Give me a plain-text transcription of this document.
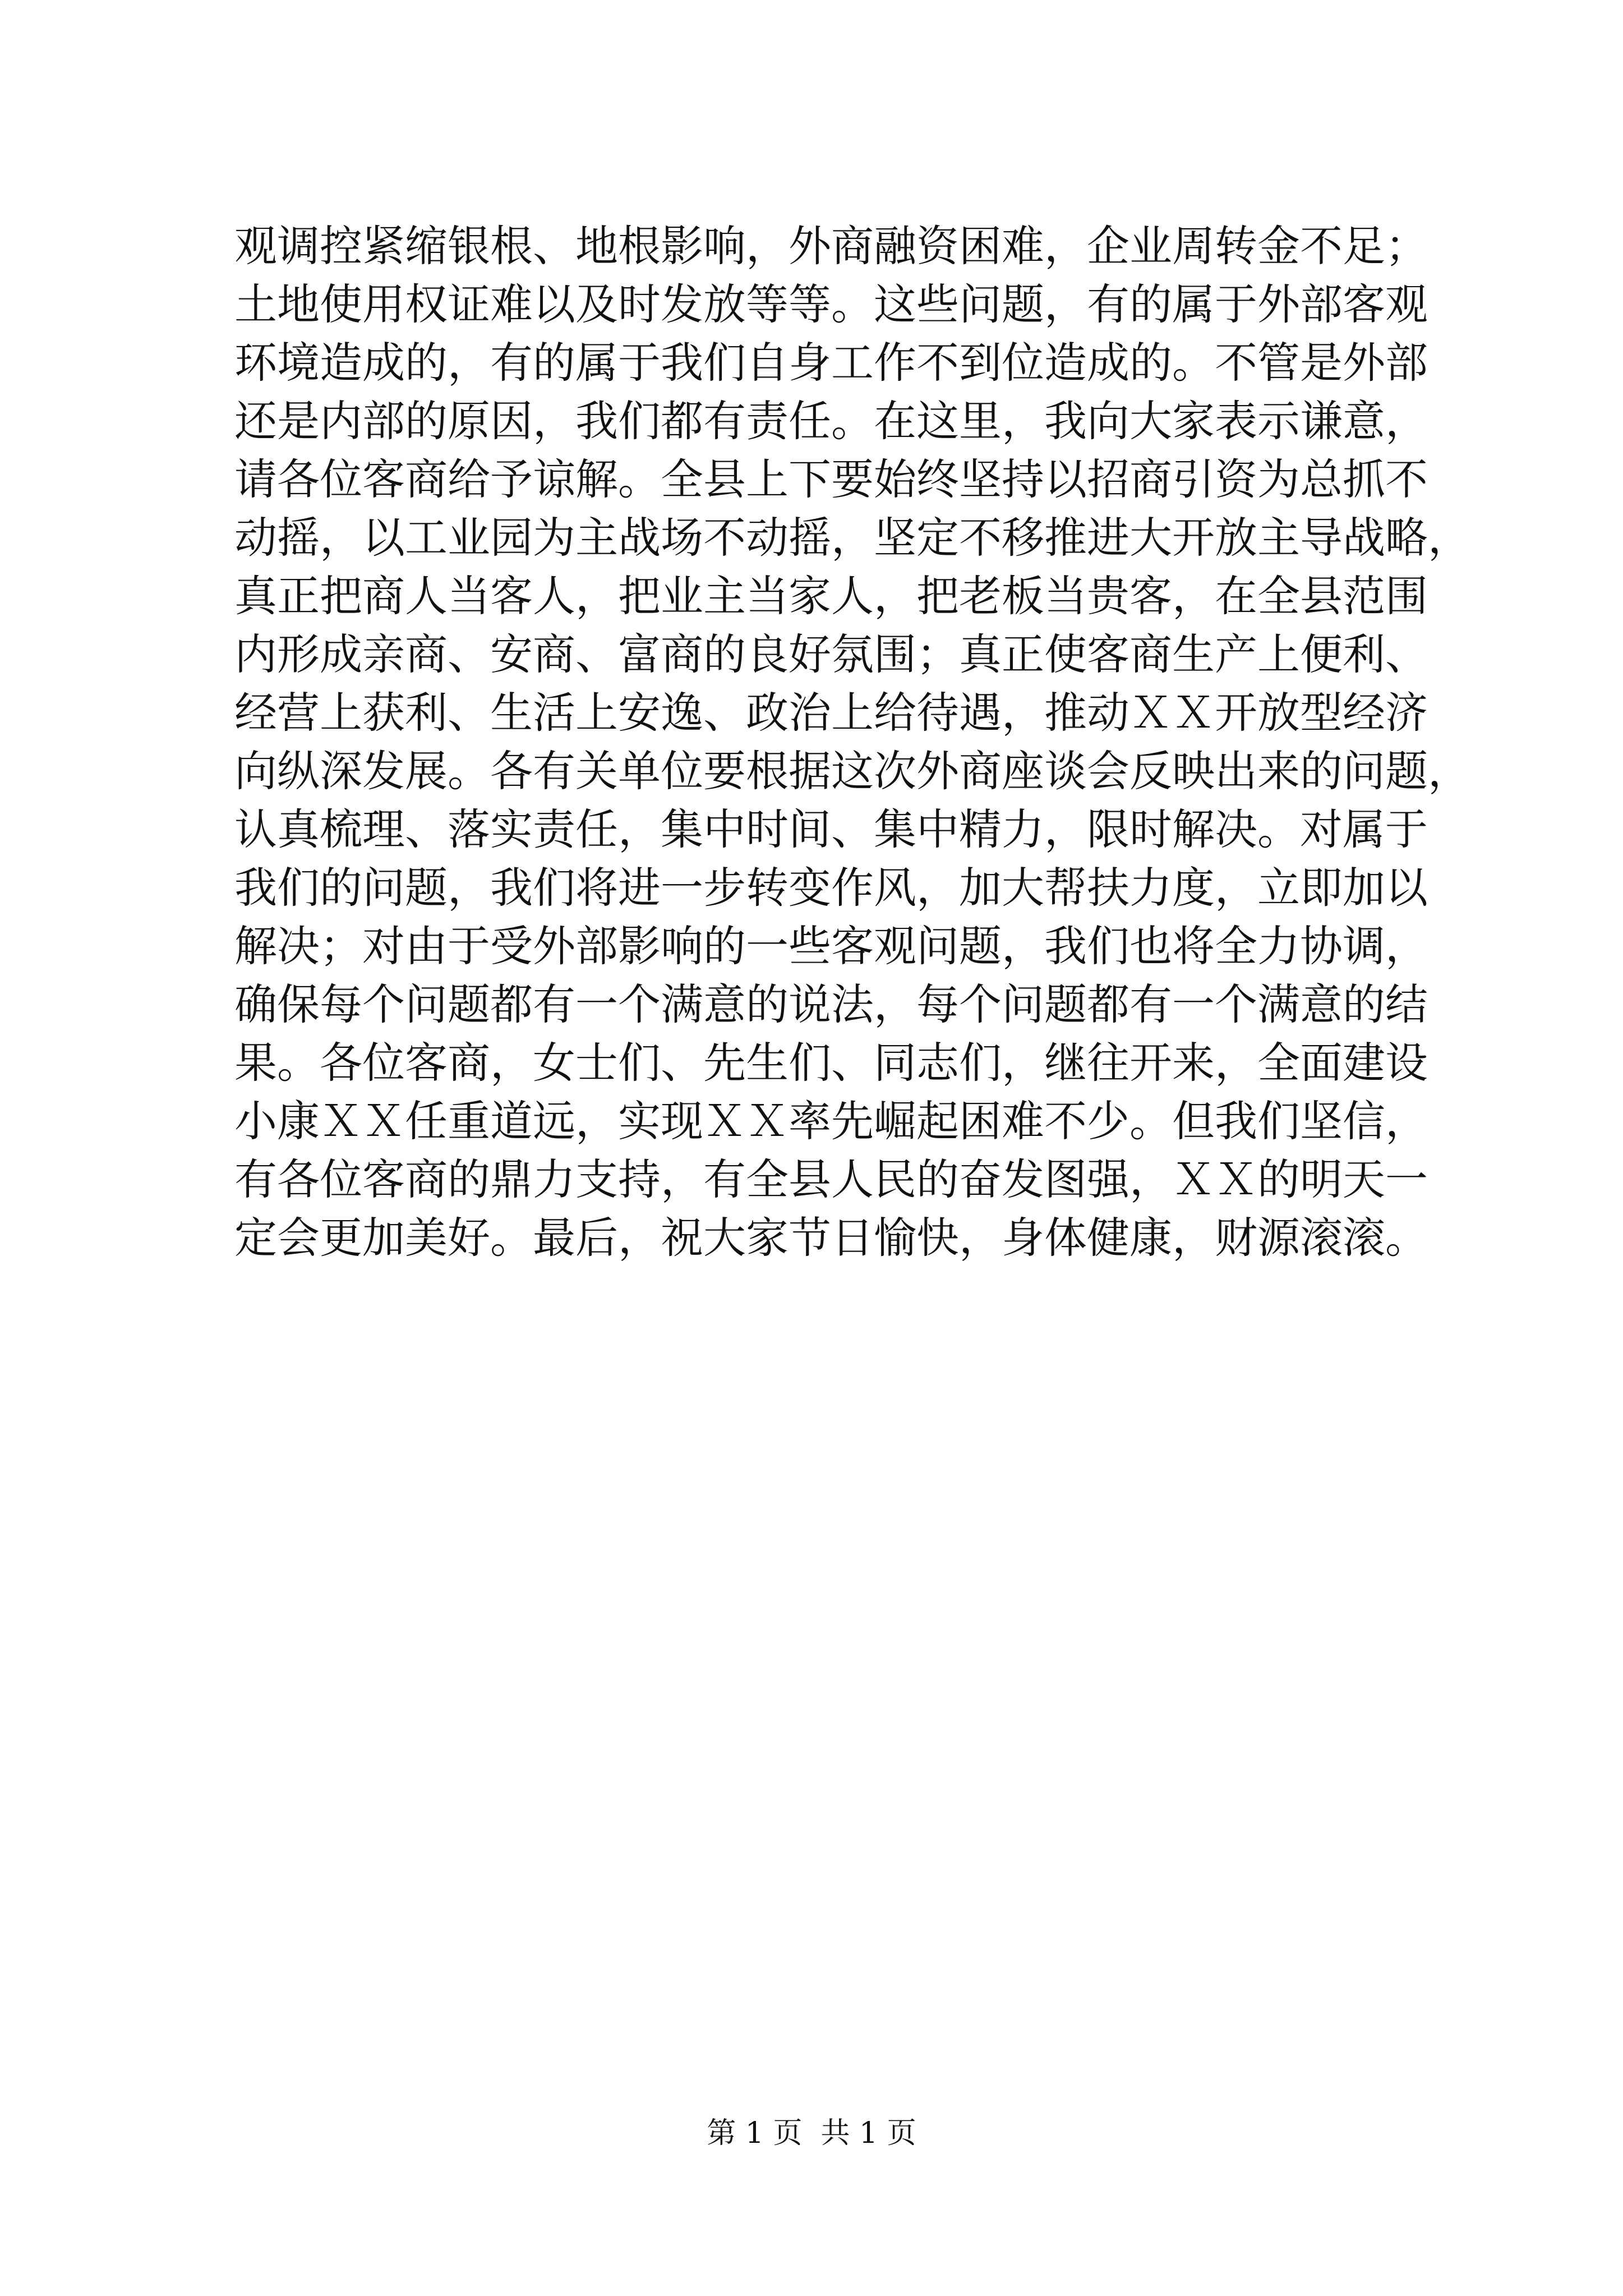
观调控紧缩银根、地根影响，外商融资困难，企业周转金不足；
土地使用权证难以及时发放等等。这些问题，有的属于外部客观
环境造成的，有的属于我们自身工作不到位造成的。不管是外部
还是内部的原因，我们都有责任。在这里，我向大家表示谦意，
请各位客商给予谅解。全县上下要始终坚持以招商引资为总抓不
动摇，以工业园为主战场不动摇，坚定不移推进大开放主导战略，
真正把商人当客人，把业主当家人，把老板当贵客，在全县范围
内形成亲商、安商、富商的良好氛围；真正使客商生产上便利、
经营上获利、生活上安逸、政治上给待遇，推动ＸＸ开放型经济
向纵深发展。各有关单位要根据这次外商座谈会反映出来的问题，
认真梳理、落实责任，集中时间、集中精力，限时解决。对属于
我们的问题，我们将进一步转变作风，加大帮扶力度，立即加以
解决；对由于受外部影响的一些客观问题，我们也将全力协调，
确保每个问题都有一个满意的说法，每个问题都有一个满意的结
果。各位客商，女士们、先生们、同志们，继往开来，全面建设
小康ＸＸ任重道远，实现ＸＸ率先崛起困难不少。但我们坚信，
有各位客商的鼎力支持，有全县人民的奋发图强，ＸＸ的明天一
定会更加美好。最后，祝大家节日愉快，身体健康，财源滚滚。
第 1 页  共 1 页
